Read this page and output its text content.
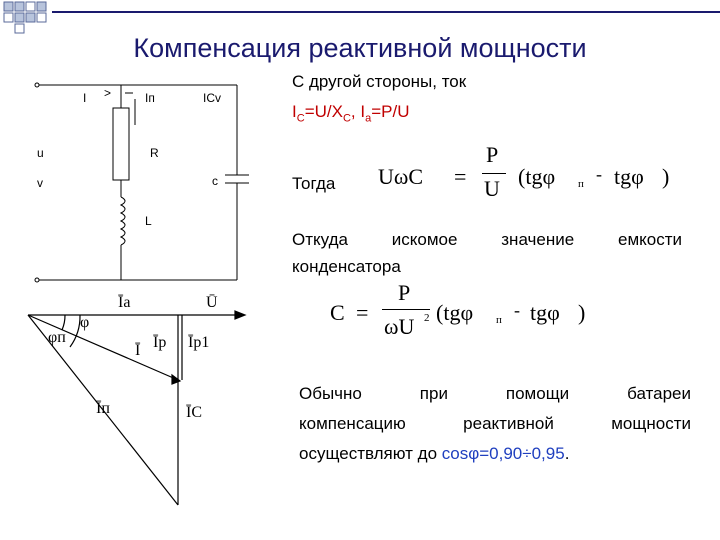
Компенсация реактивной мощности
С другой стороны, ток
$I_C=U/X_C$, $I_a=P/U$
Тогда UωC =
P
U (tgφ п - tgφ )
Откуда искомое значение емкости
конденсатора
C =
P
ωU 2 (tgφ п - tgφ )
Обычно при помощи батареи
компенсацию реактивной мощности
осуществляют до cosφ=0,90÷0,95.
I >	Iп	ICv
u
v
R
c
L
Īa	Ū
φ
φп
Ī Īp Īp1
Īп	ĪC
